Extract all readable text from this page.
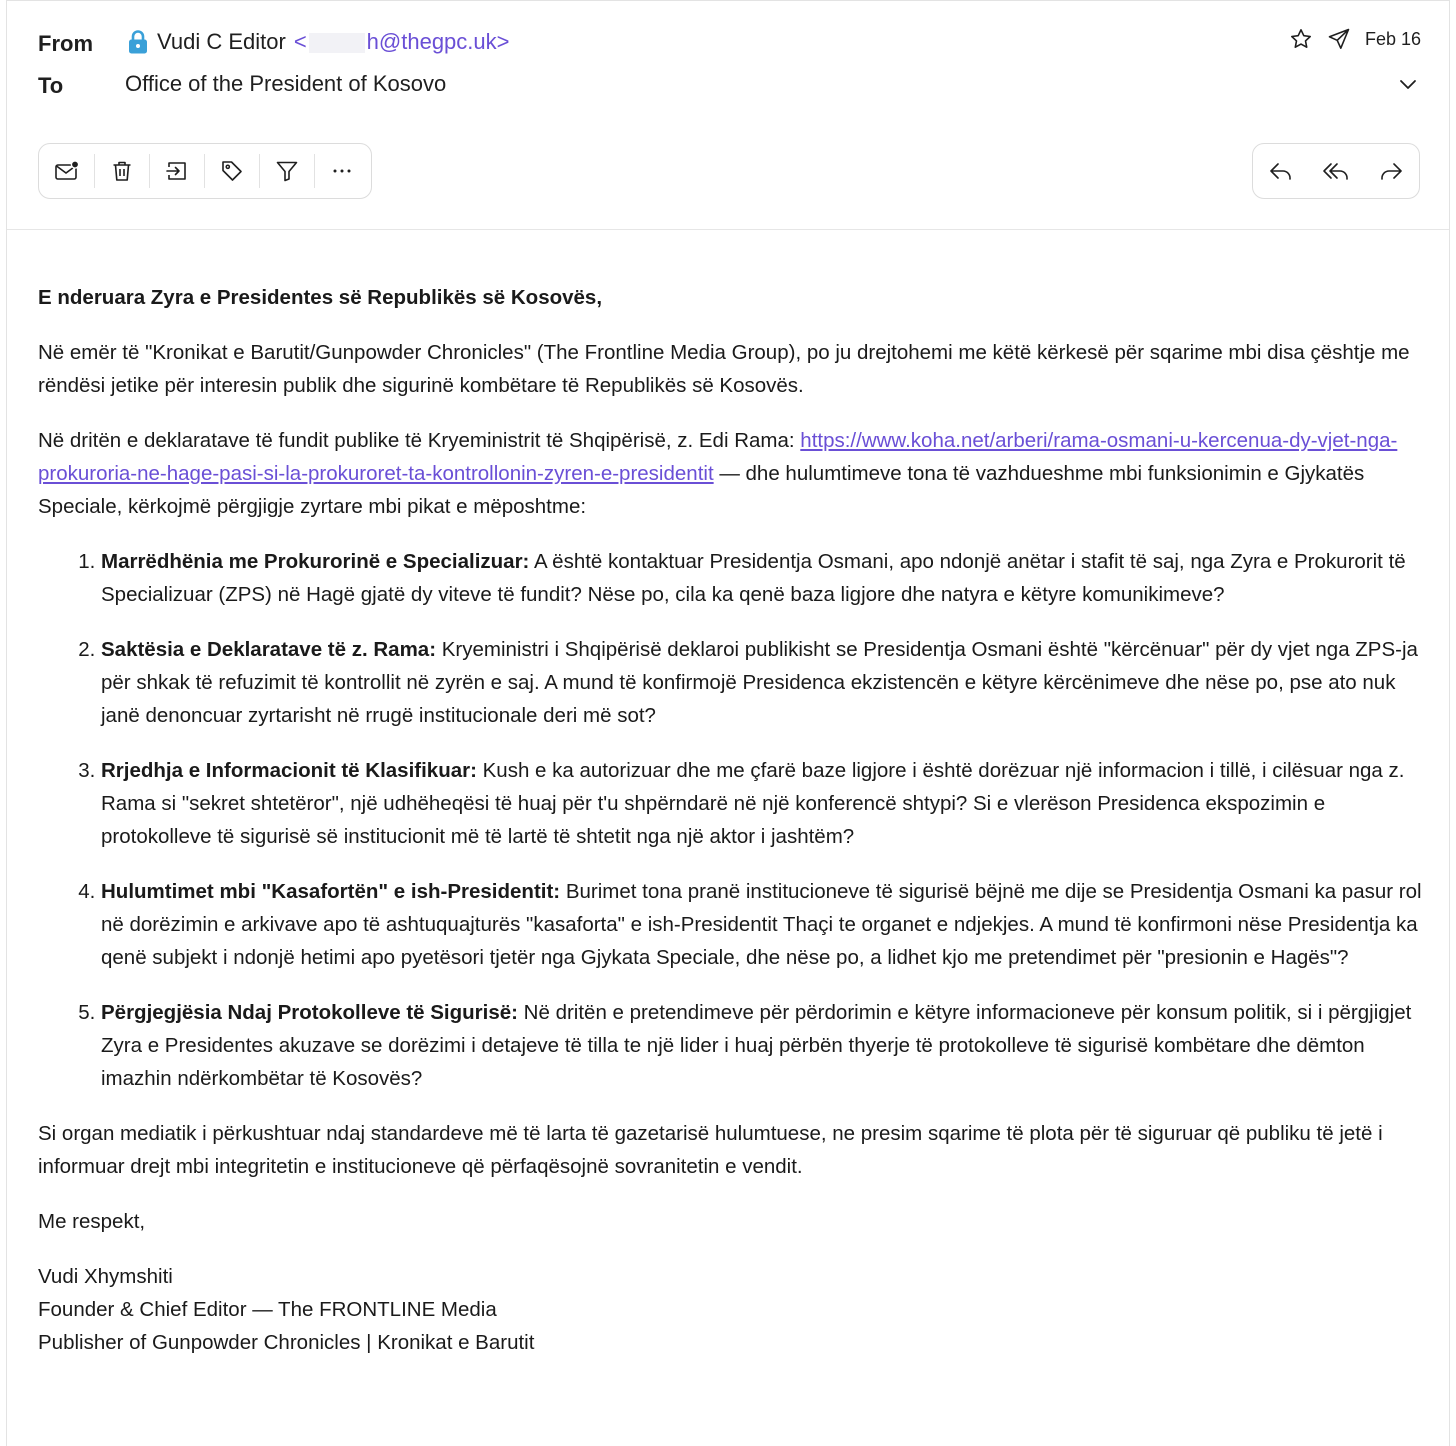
From	Vudi C Editor <	h@thegpc.uk>
To	Office of the President of Kosovo
Feb 16

E nderuara Zyra e Presidentes së Republikës së Kosovës,

Në emër të "Kronikat e Barutit/Gunpowder Chronicles" (The Frontline Media Group), po ju drejtohemi me këtë kërkesë për sqarime mbi disa çështje me rëndësi jetike për interesin publik dhe sigurinë kombëtare të Republikës së Kosovës.

Në dritën e deklaratave të fundit publike të Kryeministrit të Shqipërisë, z. Edi Rama: https://www.koha.net/arberi/rama-osmani-u-kercenua-dy-vjet-nga-prokuroria-ne-hage-pasi-si-la-prokuroret-ta-kontrollonin-zyren-e-presidentit — dhe hulumtimeve tona të vazhdueshme mbi funksionimin e Gjykatës Speciale, kërkojmë përgjigje zyrtare mbi pikat e mëposhtme:

1. Marrëdhënia me Prokurorinë e Specializuar: A është kontaktuar Presidentja Osmani, apo ndonjë anëtar i stafit të saj, nga Zyra e Prokurorit të Specializuar (ZPS) në Hagë gjatë dy viteve të fundit? Nëse po, cila ka qenë baza ligjore dhe natyra e këtyre komunikimeve?
2. Saktësia e Deklaratave të z. Rama: Kryeministri i Shqipërisë deklaroi publikisht se Presidentja Osmani është "kërcënuar" për dy vjet nga ZPS-ja për shkak të refuzimit të kontrollit në zyrën e saj. A mund të konfirmojë Presidenca ekzistencën e këtyre kërcënimeve dhe nëse po, pse ato nuk janë denoncuar zyrtarisht në rrugë institucionale deri më sot?
3. Rrjedhja e Informacionit të Klasifikuar: Kush e ka autorizuar dhe me çfarë baze ligjore i është dorëzuar një informacion i tillë, i cilësuar nga z. Rama si "sekret shtetëror", një udhëheqësi të huaj për t'u shpërndarë në një konferencë shtypi? Si e vlerëson Presidenca ekspozimin e protokolleve të sigurisë së institucionit më të lartë të shtetit nga një aktor i jashtëm?
4. Hulumtimet mbi "Kasafortën" e ish-Presidentit: Burimet tona pranë institucioneve të sigurisë bëjnë me dije se Presidentja Osmani ka pasur rol në dorëzimin e arkivave apo të ashtuquajturës "kasaforta" e ish-Presidentit Thaçi te organet e ndjekjes. A mund të konfirmoni nëse Presidentja ka qenë subjekt i ndonjë hetimi apo pyetësori tjetër nga Gjykata Speciale, dhe nëse po, a lidhet kjo me pretendimet për "presionin e Hagës"?
5. Përgjegjësia Ndaj Protokolleve të Sigurisë: Në dritën e pretendimeve për përdorimin e këtyre informacioneve për konsum politik, si i përgjigjet Zyra e Presidentes akuzave se dorëzimi i detajeve të tilla te një lider i huaj përbën thyerje të protokolleve të sigurisë kombëtare dhe dëmton imazhin ndërkombëtar të Kosovës?

Si organ mediatik i përkushtuar ndaj standardeve më të larta të gazetarisë hulumtuese, ne presim sqarime të plota për të siguruar që publiku të jetë i informuar drejt mbi integritetin e institucioneve që përfaqësojnë sovranitetin e vendit.

Me respekt,

Vudi Xhymshiti

Founder & Chief Editor — The FRONTLINE Media

Publisher of Gunpowder Chronicles | Kronikat e Barutit
